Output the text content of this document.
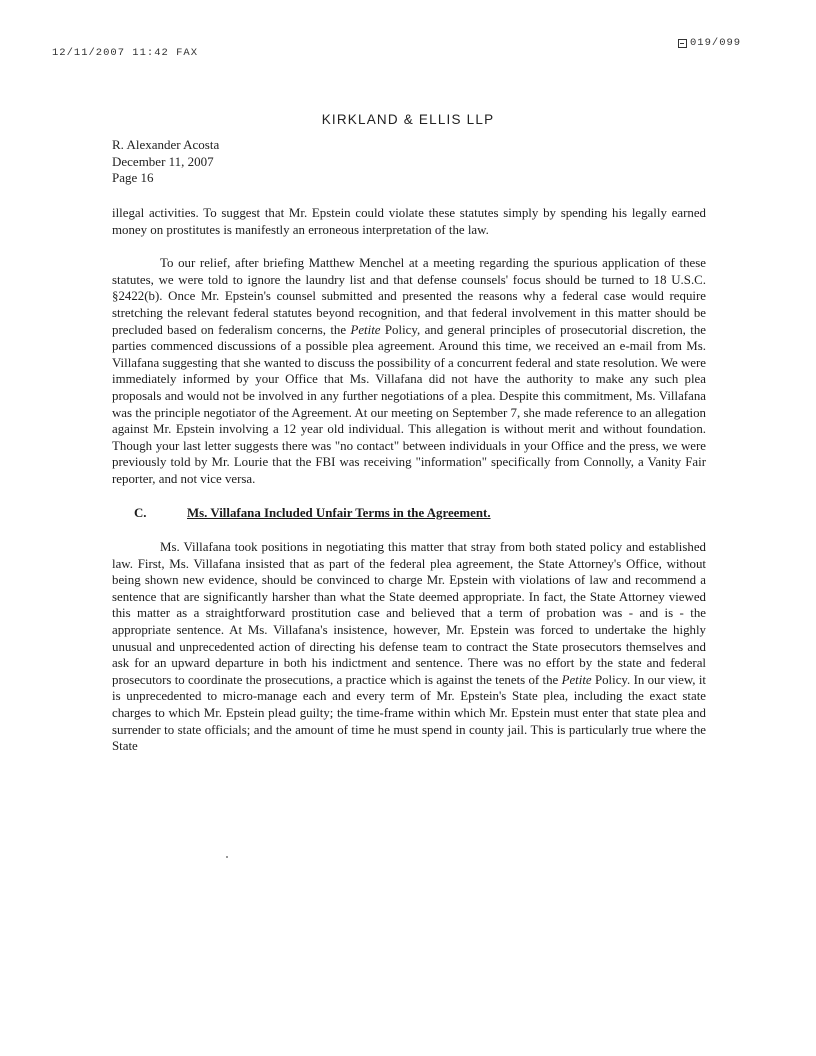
12/11/2007 11:42 FAX
019/099
KIRKLAND & ELLIS LLP
R. Alexander Acosta
December 11, 2007
Page 16

illegal activities. To suggest that Mr. Epstein could violate these statutes simply by spending his legally earned money on prostitutes is manifestly an erroneous interpretation of the law.

To our relief, after briefing Matthew Menchel at a meeting regarding the spurious application of these statutes, we were told to ignore the laundry list and that defense counsels' focus should be turned to 18 U.S.C. §2422(b). Once Mr. Epstein's counsel submitted and presented the reasons why a federal case would require stretching the relevant federal statutes beyond recognition, and that federal involvement in this matter should be precluded based on federalism concerns, the Petite Policy, and general principles of prosecutorial discretion, the parties commenced discussions of a possible plea agreement. Around this time, we received an e-mail from Ms. Villafana suggesting that she wanted to discuss the possibility of a concurrent federal and state resolution. We were immediately informed by your Office that Ms. Villafana did not have the authority to make any such plea proposals and would not be involved in any further negotiations of a plea. Despite this commitment, Ms. Villafana was the principle negotiator of the Agreement. At our meeting on September 7, she made reference to an allegation against Mr. Epstein involving a 12 year old individual. This allegation is without merit and without foundation. Though your last letter suggests there was "no contact" between individuals in your Office and the press, we were previously told by Mr. Lourie that the FBI was receiving "information" specifically from Connolly, a Vanity Fair reporter, and not vice versa.

C.	Ms. Villafana Included Unfair Terms in the Agreement.

Ms. Villafana took positions in negotiating this matter that stray from both stated policy and established law. First, Ms. Villafana insisted that as part of the federal plea agreement, the State Attorney's Office, without being shown new evidence, should be convinced to charge Mr. Epstein with violations of law and recommend a sentence that are significantly harsher than what the State deemed appropriate. In fact, the State Attorney viewed this matter as a straightforward prostitution case and believed that a term of probation was - and is - the appropriate sentence. At Ms. Villafana's insistence, however, Mr. Epstein was forced to undertake the highly unusual and unprecedented action of directing his defense team to contract the State prosecutors themselves and ask for an upward departure in both his indictment and sentence. There was no effort by the state and federal prosecutors to coordinate the prosecutions, a practice which is against the tenets of the Petite Policy. In our view, it is unprecedented to micro-manage each and every term of Mr. Epstein's State plea, including the exact state charges to which Mr. Epstein plead guilty; the time-frame within which Mr. Epstein must enter that state plea and surrender to state officials; and the amount of time he must spend in county jail. This is particularly true where the State
